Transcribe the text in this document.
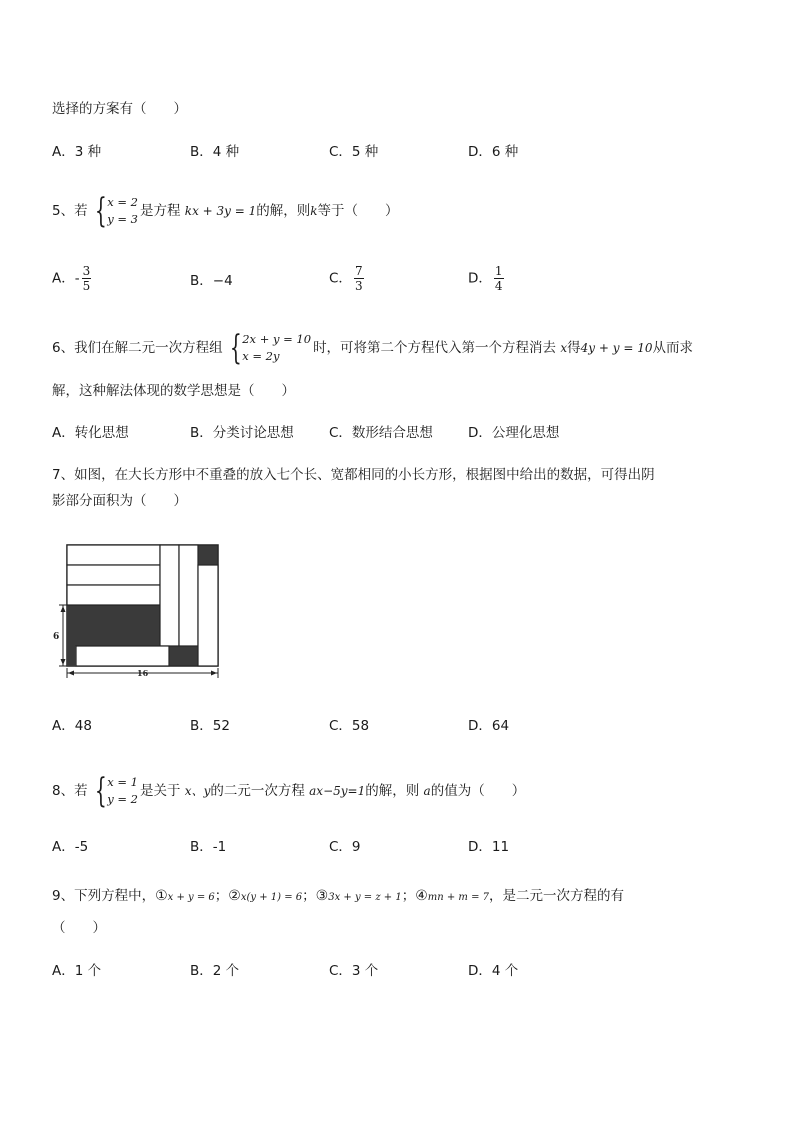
选择的方案有（　　）
A．3 种	B．4 种	C．5 种	D．6 种
5、若 { x = 2
y = 3 是方程 kx + 3y = 1的解，则k等于（　　）
A．- $\frac{3}{5}$	B．−4	C． $\frac{7}{3}$	D． $\frac{1}{4}$
6、我们在解二元一次方程组 { 2x + y = 10
x = 2y	时，可将第二个方程代入第一个方程消去 x得4y + y = 10从而求
解，这种解法体现的数学思想是（　　）
A．转化思想	B．分类讨论思想	C．数形结合思想	D．公理化思想
7、如图，在大长方形中不重叠的放入七个长、宽都相同的小长方形，根据图中给出的数据，可得出阴
影部分面积为（　　）
6
16
A．48	B．52	C．58	D．64
8、若 { x = 1
y = 2 是关于 x、y的二元一次方程 ax−5y=1的解，则 a的值为（　　）
A．-5	B．-1	C．9	D．11
9、下列方程中，①x + y = 6；②x(y + 1) = 6；③3x + y = z + 1；④mn + m = 7，是二元一次方程的有
（　　）
A．1 个	B．2 个	C．3 个	D．4 个
